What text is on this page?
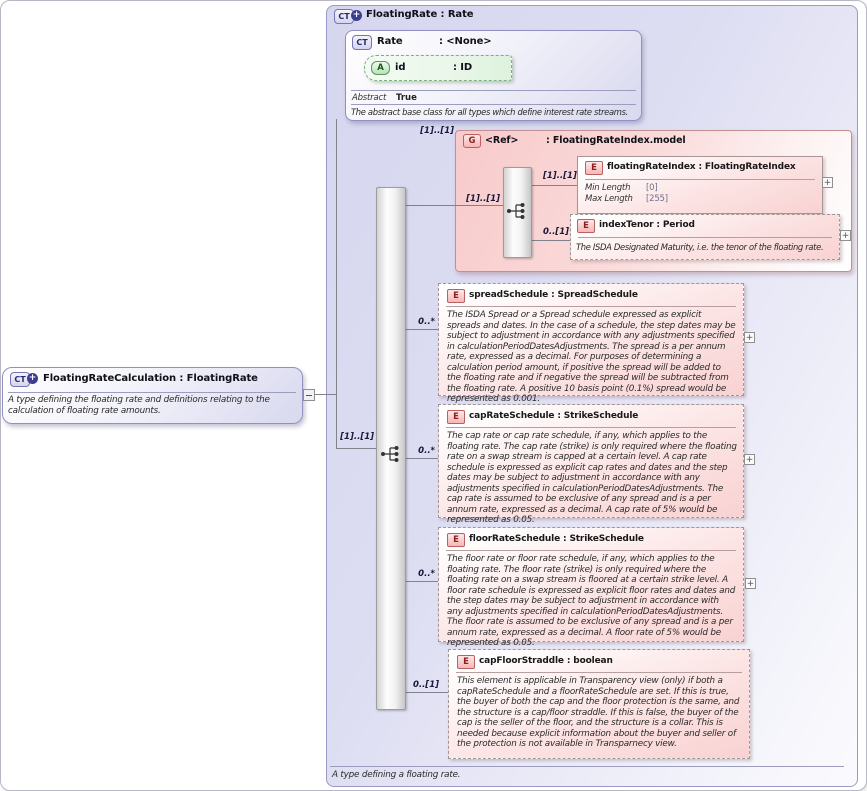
CT + FloatingRate : Rate
A type defining a floating rate.
CT + FloatingRateCalculation : FloatingRate
A type defining the floating rate and definitions relating to the calculation of floating rate amounts.
CT Rate	: <None>
A	id	: ID
Abstract True
The abstract base class for all types which define interest rate streams.
G	<Ref>	: FloatingRateIndex.model
[1]..[1]
[1]..[1]
[1]..[1]
[1]..[1]
0..[1]
0..*
0..*
0..*
0..[1]
E	floatingRateIndex : FloatingRateIndex
Min Length [0]
Max Length [255]
E	indexTenor : Period
The ISDA Designated Maturity, i.e. the tenor of the floating rate.
E	spreadSchedule : SpreadSchedule
The ISDA Spread or a Spread schedule expressed as explicit spreads and dates. In the case of a schedule, the step dates may be subject to adjustment in accordance with any adjustments specified in calculationPeriodDatesAdjustments. The spread is a per annum rate, expressed as a decimal. For purposes of determining a calculation period amount, if positive the spread will be added to the floating rate and if negative the spread will be subtracted from the floating rate. A positive 10 basis point (0.1%) spread would be represented as 0.001.
E	capRateSchedule : StrikeSchedule
The cap rate or cap rate schedule, if any, which applies to the floating rate. The cap rate (strike) is only required where the floating rate on a swap stream is capped at a certain level. A cap rate schedule is expressed as explicit cap rates and dates and the step dates may be subject to adjustment in accordance with any adjustments specified in calculationPeriodDatesAdjustments. The cap rate is assumed to be exclusive of any spread and is a per annum rate, expressed as a decimal. A cap rate of 5% would be represented as 0.05.
E	floorRateSchedule : StrikeSchedule
The floor rate or floor rate schedule, if any, which applies to the floating rate. The floor rate (strike) is only required where the floating rate on a swap stream is floored at a certain strike level. A floor rate schedule is expressed as explicit floor rates and dates and the step dates may be subject to adjustment in accordance with any adjustments specified in calculationPeriodDatesAdjustments. The floor rate is assumed to be exclusive of any spread and is a per annum rate, expressed as a decimal. A floor rate of 5% would be represented as 0.05.
E	capFloorStraddle : boolean
This element is applicable in Transparency view (only) if both a capRateSchedule and a floorRateSchedule are set. If this is true, the buyer of both the cap and the floor protection is the same, and the structure is a cap/floor straddle. If this is false, the buyer of the cap is the seller of the floor, and the structure is a collar. This is needed because explicit information about the buyer and seller of the protection is not available in Transparnecy view.
+
+
+
+
+
